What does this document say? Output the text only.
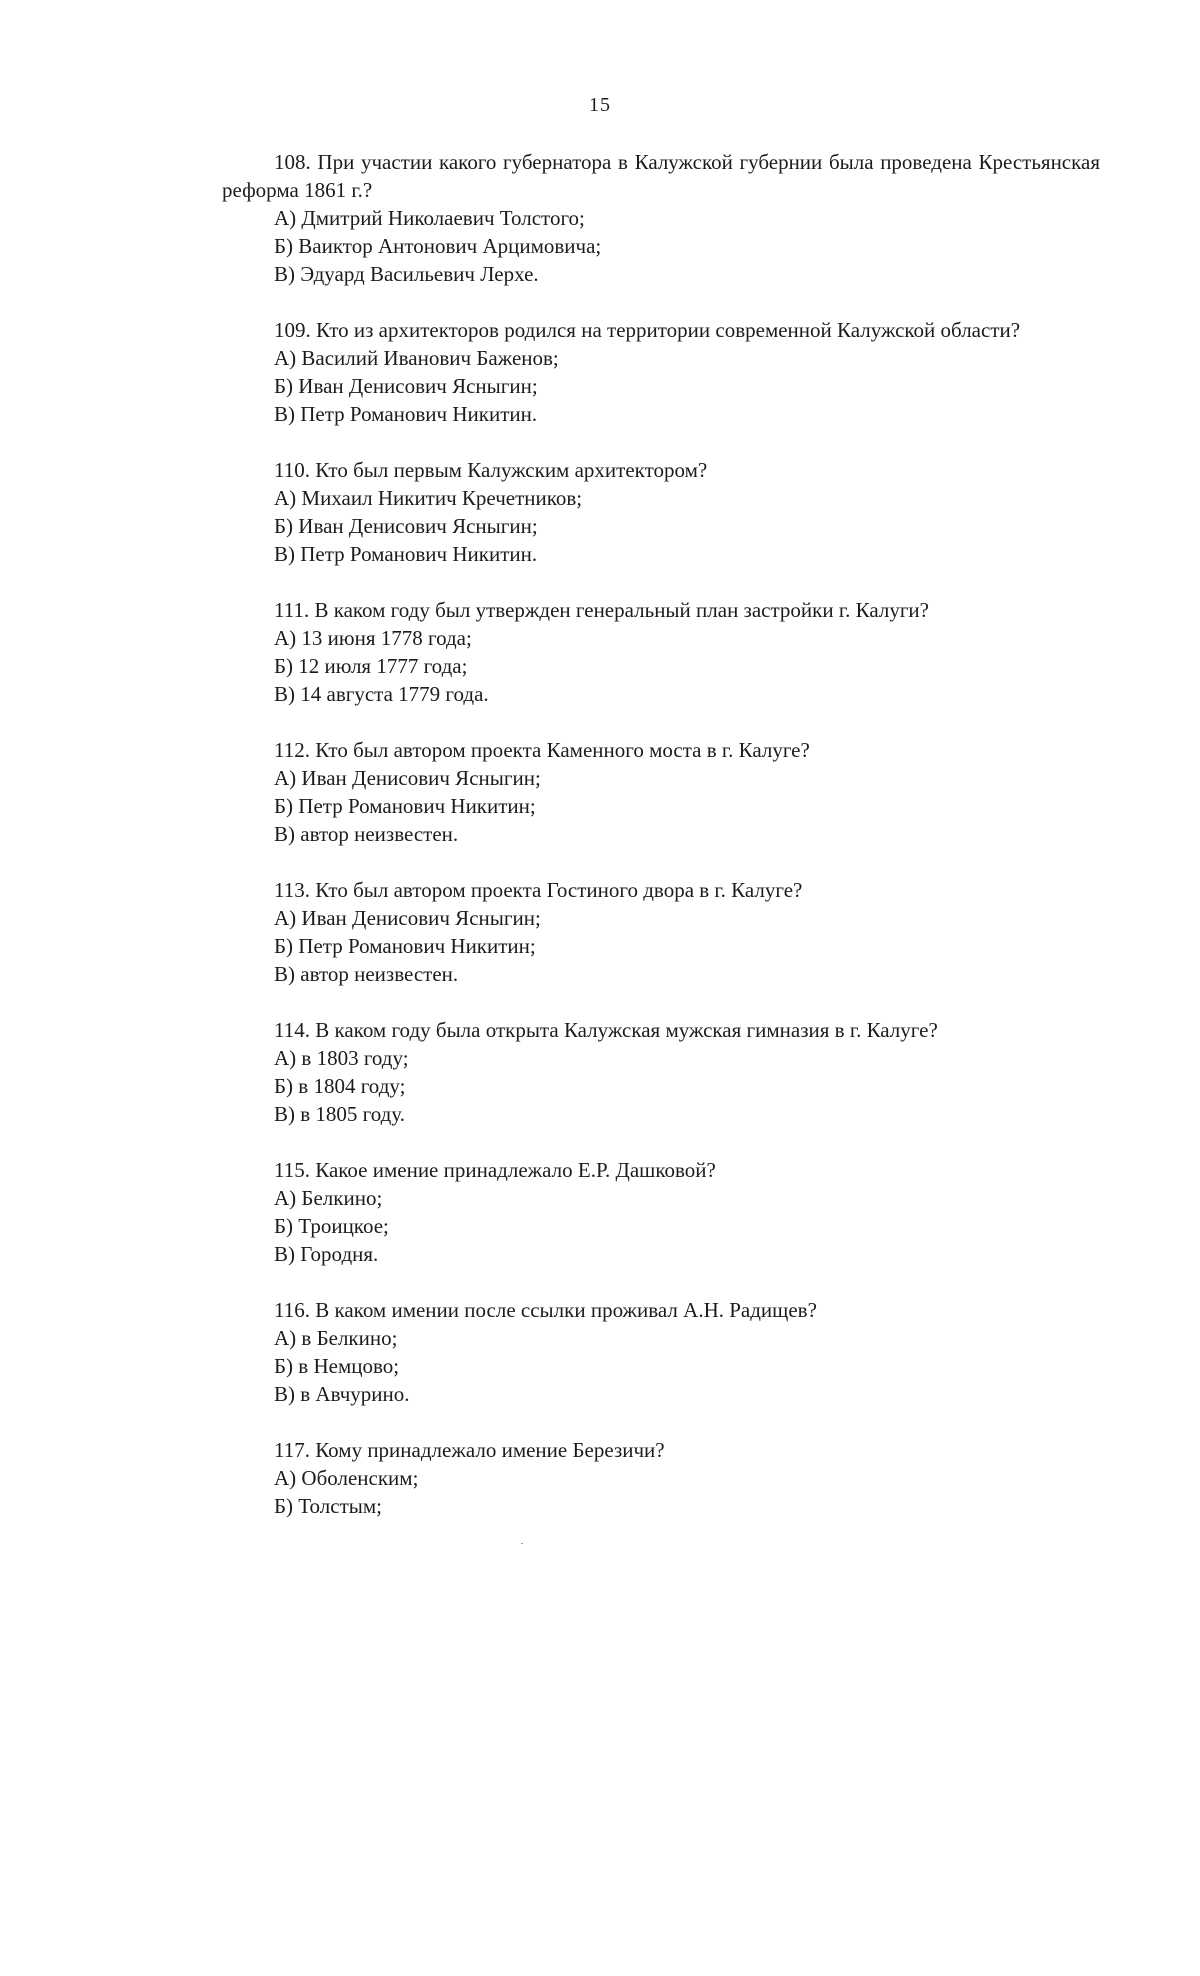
15

108. При участии какого губернатора в Калужской губернии была проведена Крестьянская реформа 1861 г.?

А) Дмитрий Николаевич Толстого;
Б) Ваиктор Антонович Арцимовича;
В) Эдуард Васильевич Лерхе.

109. Кто из архитекторов родился на территории современной Калужской области?

А) Василий Иванович Баженов;
Б) Иван Денисович Ясныгин;
В) Петр Романович Никитин.

110. Кто был первым Калужским архитектором?

А) Михаил Никитич Кречетников;
Б) Иван Денисович Ясныгин;
В) Петр Романович Никитин.

111. В каком году был утвержден генеральный план застройки г. Калуги?

А) 13 июня 1778 года;
Б) 12 июля 1777 года;
В) 14 августа 1779 года.

112. Кто был автором проекта Каменного моста в г. Калуге?

А) Иван Денисович Ясныгин;
Б) Петр Романович Никитин;
В) автор неизвестен.

113. Кто был автором проекта Гостиного двора в г. Калуге?

А) Иван Денисович Ясныгин;
Б) Петр Романович Никитин;
В) автор неизвестен.

114. В каком году была открыта Калужская мужская гимназия в г. Калуге?

А) в 1803 году;
Б) в 1804 году;
В) в 1805 году.

115. Какое имение принадлежало Е.Р. Дашковой?

А) Белкино;
Б) Троицкое;
В) Городня.

116. В каком имении после ссылки проживал А.Н. Радищев?

А) в Белкино;
Б) в Немцово;
В) в Авчурино.

117. Кому принадлежало имение Березичи?

А) Оболенским;
Б) Толстым;
